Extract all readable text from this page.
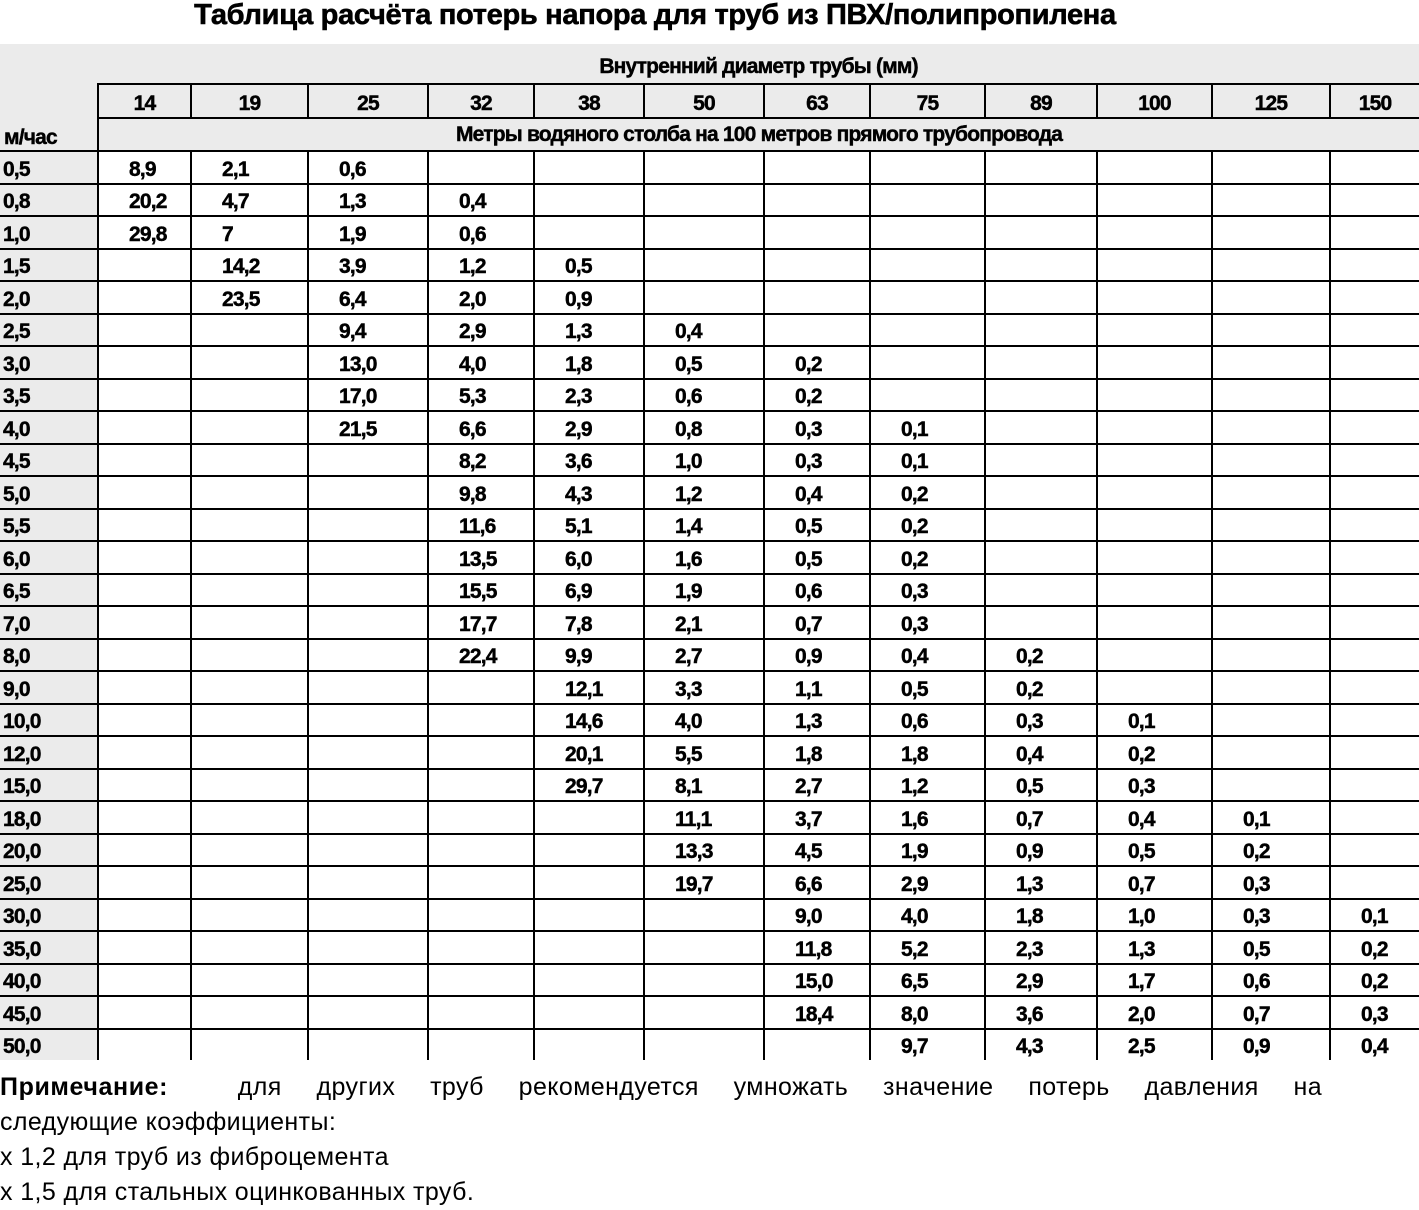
Таблица расчёта потерь напора для труб из ПВХ/полипропилена
	Внутренний диаметр трубы (мм)											
	14	19	25	32	38	50	63	75	89	100	125	150
м/час	Метры водяного столба на 100 метров прямого трубопровода											
0,5	8,9	2,1	0,6									
0,8	20,2	4,7	1,3	0,4								
1,0	29,8	7	1,9	0,6								
1,5		14,2	3,9	1,2	0,5							
2,0		23,5	6,4	2,0	0,9							
2,5			9,4	2,9	1,3	0,4						
3,0			13,0	4,0	1,8	0,5	0,2					
3,5			17,0	5,3	2,3	0,6	0,2					
4,0			21,5	6,6	2,9	0,8	0,3	0,1				
4,5				8,2	3,6	1,0	0,3	0,1				
5,0				9,8	4,3	1,2	0,4	0,2				
5,5				11,6	5,1	1,4	0,5	0,2				
6,0				13,5	6,0	1,6	0,5	0,2				
6,5				15,5	6,9	1,9	0,6	0,3				
7,0				17,7	7,8	2,1	0,7	0,3				
8,0				22,4	9,9	2,7	0,9	0,4	0,2			
9,0					12,1	3,3	1,1	0,5	0,2			
10,0					14,6	4,0	1,3	0,6	0,3	0,1		
12,0					20,1	5,5	1,8	1,8	0,4	0,2		
15,0					29,7	8,1	2,7	1,2	0,5	0,3		
18,0						11,1	3,7	1,6	0,7	0,4	0,1	
20,0						13,3	4,5	1,9	0,9	0,5	0,2	
25,0						19,7	6,6	2,9	1,3	0,7	0,3	
30,0							9,0	4,0	1,8	1,0	0,3	0,1
35,0							11,8	5,2	2,3	1,3	0,5	0,2
40,0							15,0	6,5	2,9	1,7	0,6	0,2
45,0							18,4	8,0	3,6	2,0	0,7	0,3
50,0								9,7	4,3	2,5	0,9	0,4

Примечание:	для других труб рекомендуется умножать значение потерь давления на

следующие коэффициенты:

х 1,2 для труб из фиброцемента

х 1,5 для стальных оцинкованных труб.
